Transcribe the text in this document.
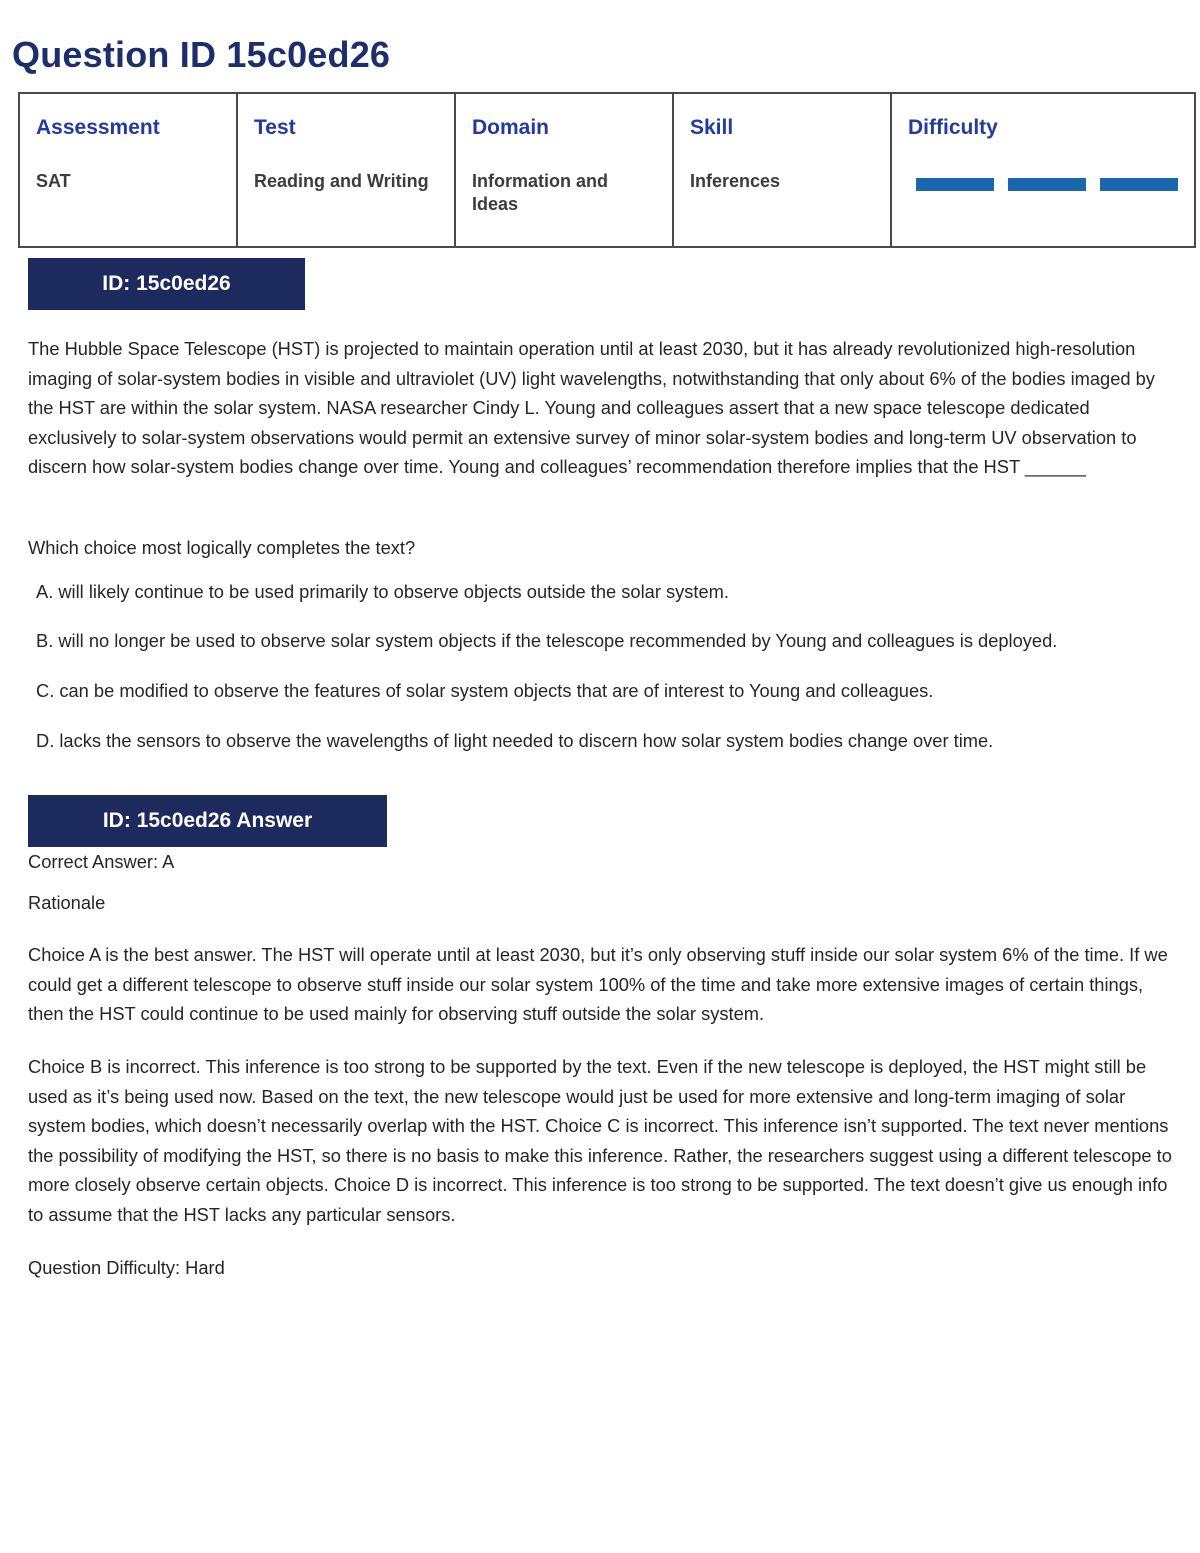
Question ID 15c0ed26
Assessment
SAT
Test
Reading and Writing
Domain
Information and Ideas
Skill
Inferences
Difficulty
ID: 15c0ed26

The Hubble Space Telescope (HST) is projected to maintain operation until at least 2030, but it has already revolutionized high-resolution imaging of solar-system bodies in visible and ultraviolet (UV) light wavelengths, notwithstanding that only about 6% of the bodies imaged by the HST are within the solar system. NASA researcher Cindy L. Young and colleagues assert that a new space telescope dedicated exclusively to solar-system observations would permit an extensive survey of minor solar-system bodies and long-term UV observation to discern how solar-system bodies change over time. Young and colleagues’ recommendation therefore implies that the HST ______

Which choice most logically completes the text?

A. will likely continue to be used primarily to observe objects outside the solar system.

B. will no longer be used to observe solar system objects if the telescope recommended by Young and colleagues is deployed.

C. can be modified to observe the features of solar system objects that are of interest to Young and colleagues.

D. lacks the sensors to observe the wavelengths of light needed to discern how solar system bodies change over time.

ID: 15c0ed26 Answer

Correct Answer: A

Rationale

Choice A is the best answer. The HST will operate until at least 2030, but it’s only observing stuff inside our solar system 6% of the time. If we could get a different telescope to observe stuff inside our solar system 100% of the time and take more extensive images of certain things, then the HST could continue to be used mainly for observing stuff outside the solar system.

Choice B is incorrect. This inference is too strong to be supported by the text. Even if the new telescope is deployed, the HST might still be used as it’s being used now. Based on the text, the new telescope would just be used for more extensive and long-term imaging of solar system bodies, which doesn’t necessarily overlap with the HST. Choice C is incorrect. This inference isn’t supported. The text never mentions the possibility of modifying the HST, so there is no basis to make this inference. Rather, the researchers suggest using a different telescope to more closely observe certain objects. Choice D is incorrect. This inference is too strong to be supported. The text doesn’t give us enough info to assume that the HST lacks any particular sensors.

Question Difficulty: Hard
